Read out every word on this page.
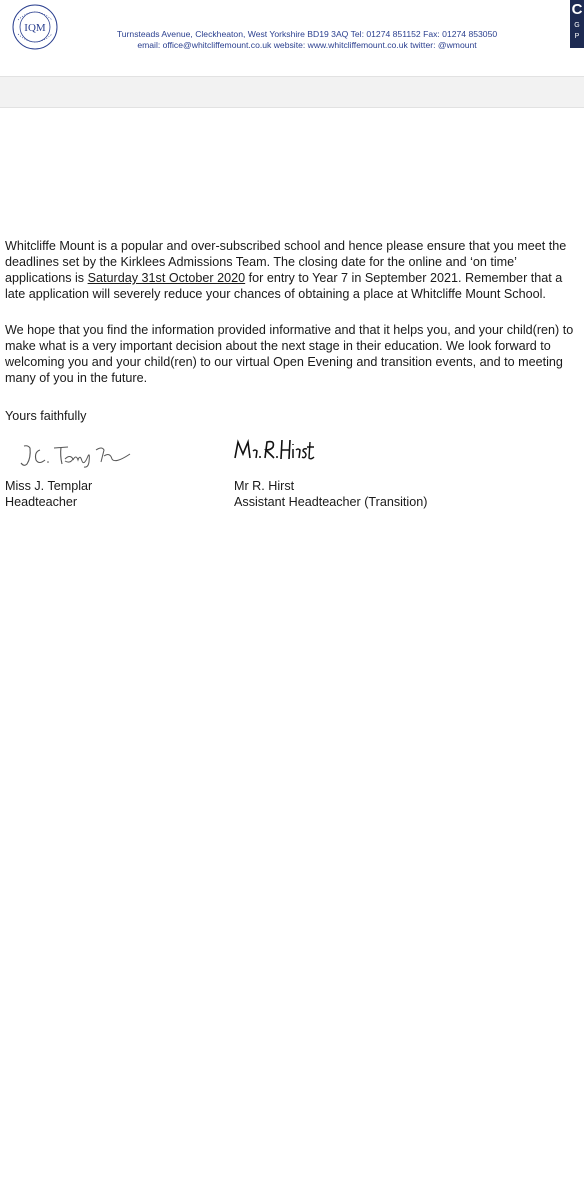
IQM	Turnsteads Avenue, Cleckheaton, West Yorkshire BD19 3AQ Tel: 01274 851152 Fax: 01274 853050
email: office@whitcliffemount.co.uk website: www.whitcliffemount.co.uk twitter: @wmount
C
G
P
Whitcliffe Mount is a popular and over-subscribed school and hence please ensure that you meet the deadlines set by the Kirklees Admissions Team. The closing date for the online and ‘on time’ applications is Saturday 31st October 2020 for entry to Year 7 in September 2021. Remember that a late application will severely reduce your chances of obtaining a place at Whitcliffe Mount School.
We hope that you find the information provided informative and that it helps you, and your child(ren) to make what is a very important decision about the next stage in their education. We look forward to welcoming you and your child(ren) to our virtual Open Evening and transition events, and to meeting many of you in the future.
Yours faithfully
Miss J. Templar
Headteacher
Mr R. Hirst
Assistant Headteacher (Transition)
